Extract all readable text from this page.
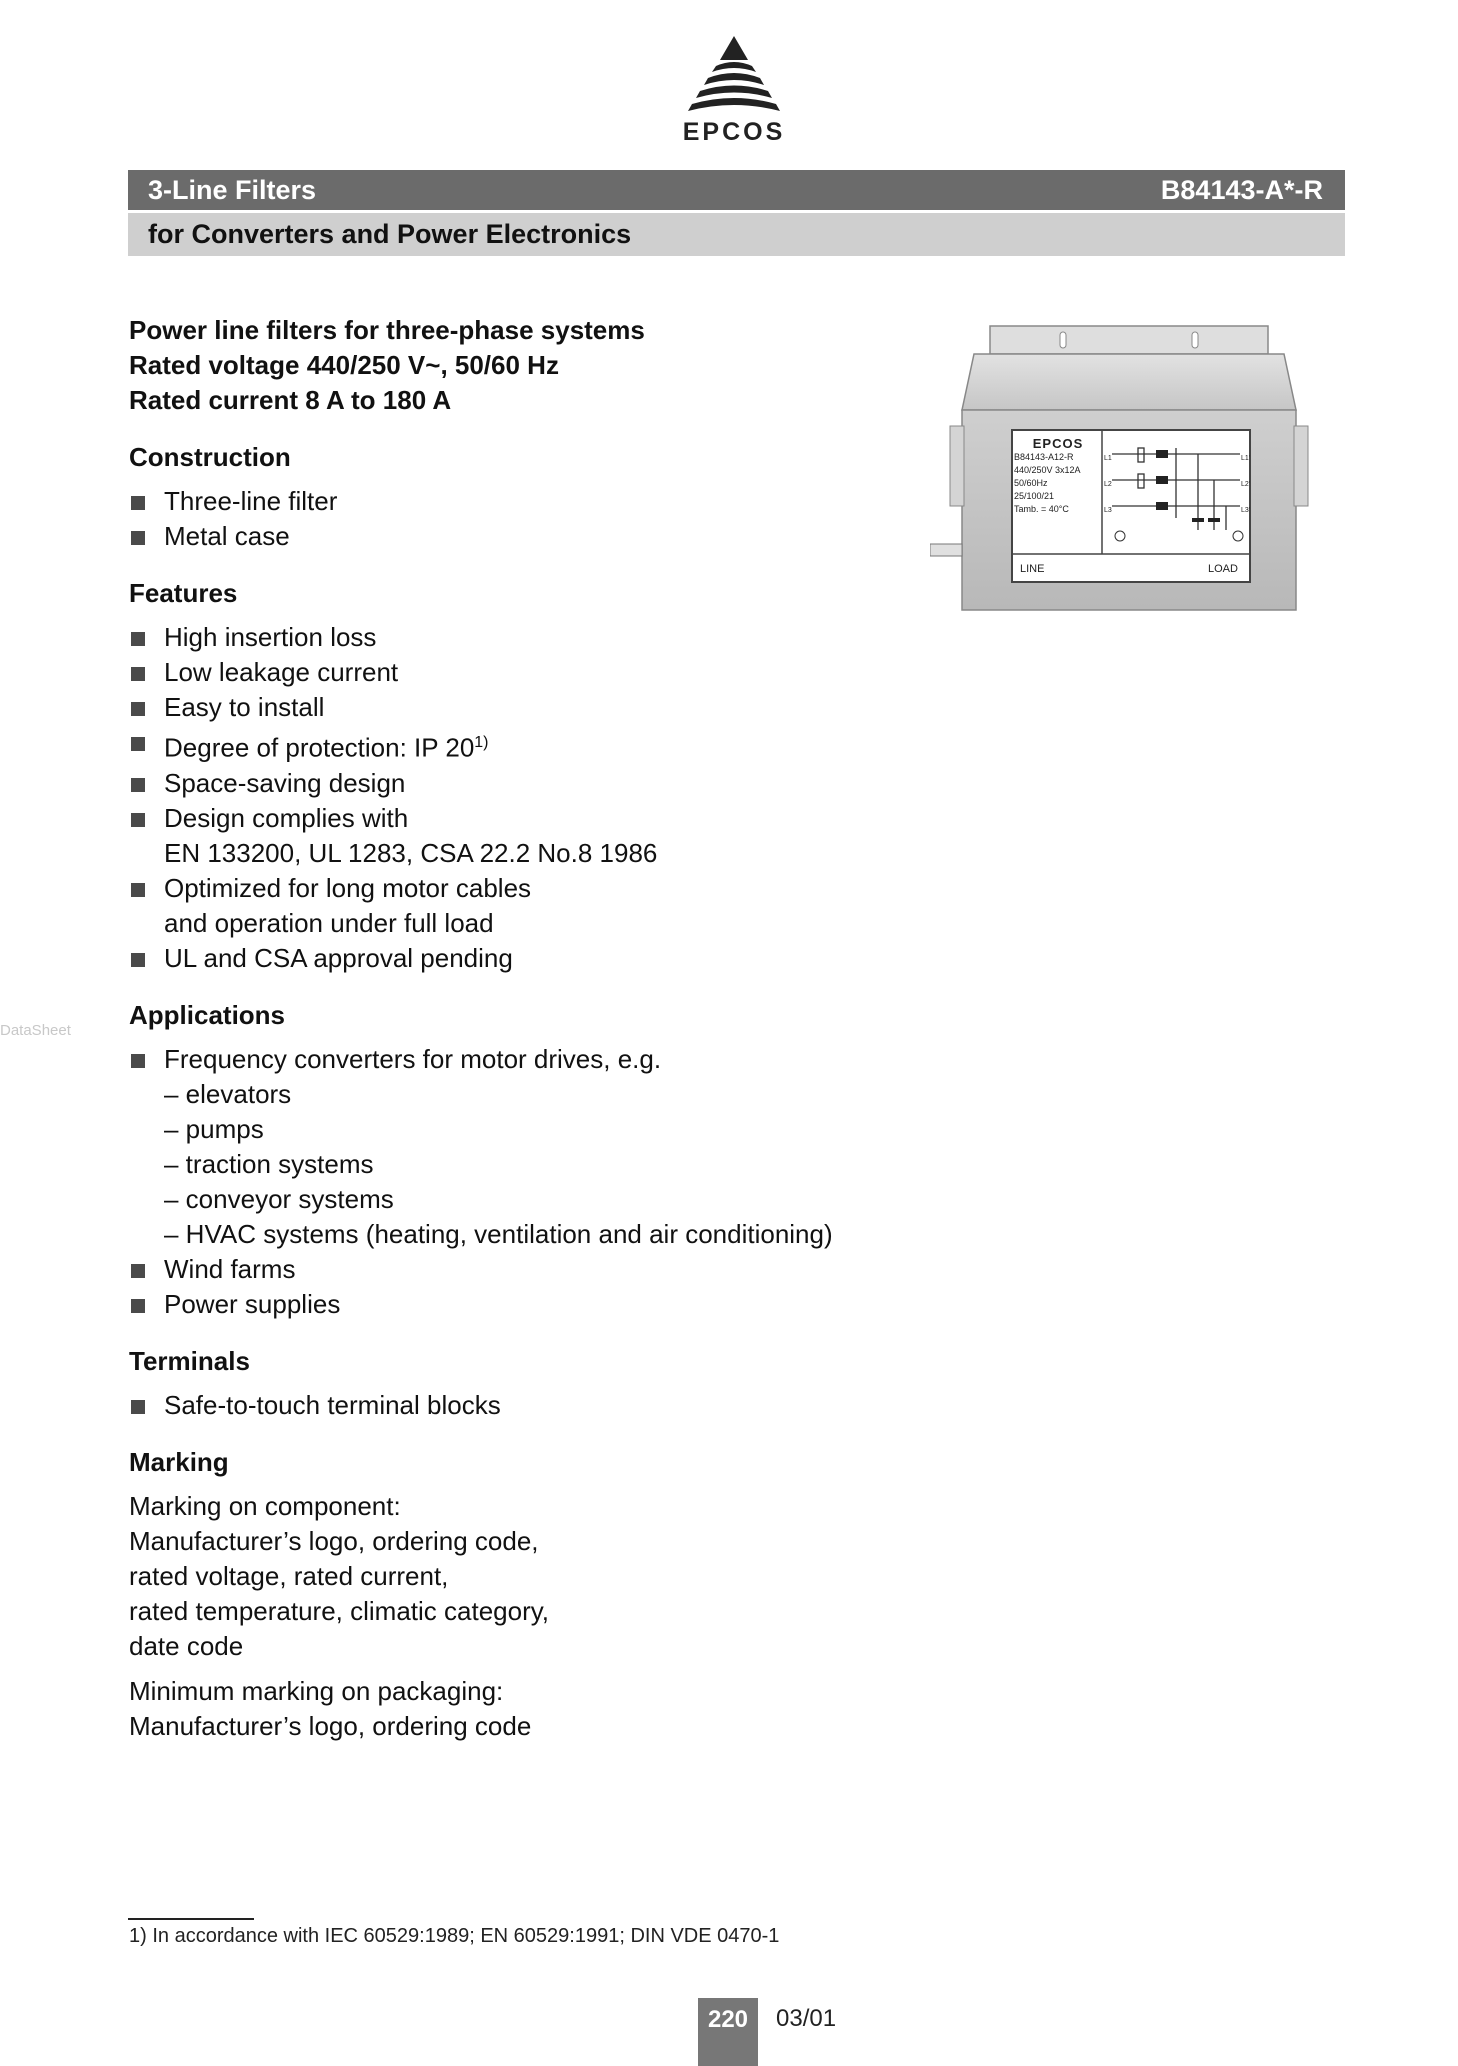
EPCOS
3-Line Filters	B84143-A*-R
for Converters and Power Electronics
EPCOS
B84143-A12-R
440/250V 3x12A
50/60Hz
25/100/21
Tamb. = 40°C
L1
L2
L3
L1'
L2'
L3'
LINE	LOAD
DataSheet
Power line filters for three-phase systems
Rated voltage 440/250 V~, 50/60 Hz
Rated current 8 A to 180 A
Construction
Three-line filter
Metal case
Features
High insertion loss
Low leakage current
Easy to install
Degree of protection: IP 20$^{1)}$
Space-saving design
Design complies with
EN 133200, UL 1283, CSA 22.2 No.8 1986
Optimized for long motor cables
and operation under full load
UL and CSA approval pending
Applications
Frequency converters for motor drives, e.g.
– elevators
– pumps
– traction systems
– conveyor systems
– HVAC systems (heating, ventilation and air conditioning)
Wind farms
Power supplies
Terminals
Safe-to-touch terminal blocks
Marking
Marking on component:
Manufacturer’s logo, ordering code,
rated voltage, rated current,
rated temperature, climatic category,
date code
Minimum marking on packaging:
Manufacturer’s logo, ordering code
1) In accordance with IEC 60529:1989; EN 60529:1991; DIN VDE 0470-1
220	03/01
